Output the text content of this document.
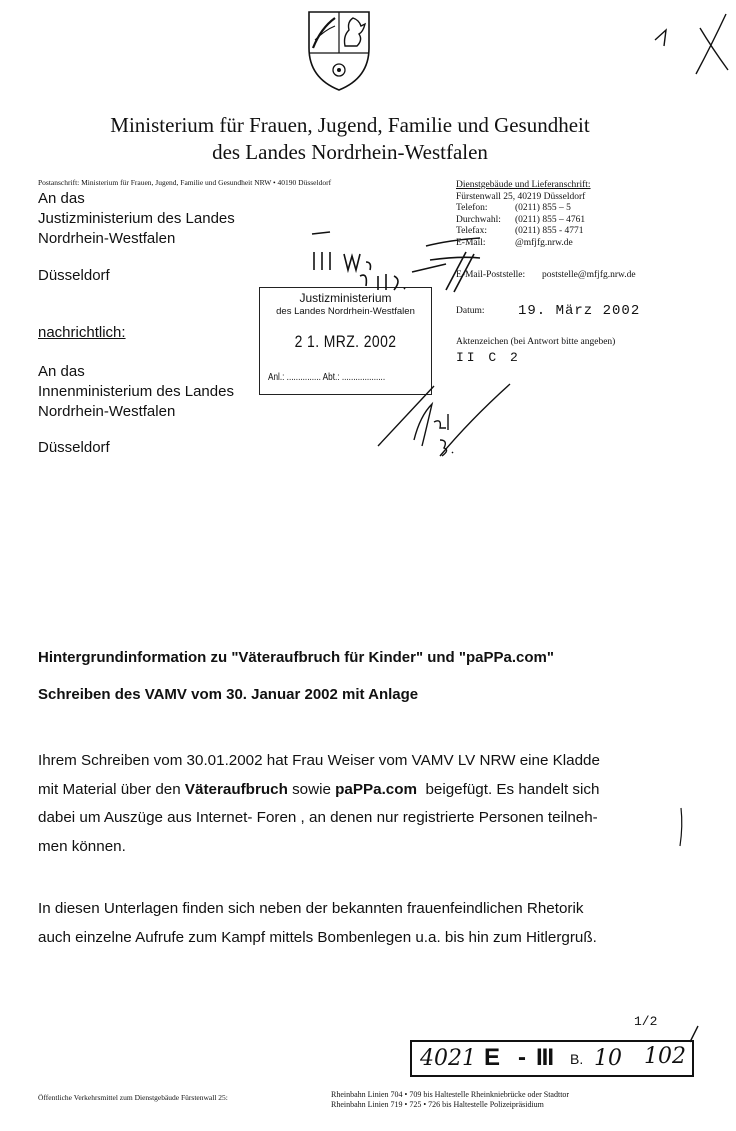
Ministerium für Frauen, Jugend, Familie und Gesundheit
des Landes Nordrhein-Westfalen
Postanschrift: Ministerium für Frauen, Jugend, Familie und Gesundheit NRW • 40190 Düsseldorf
An das
Justizministerium des Landes
Nordrhein-Westfalen
Düsseldorf
nachrichtlich:
An das
Innenministerium des Landes
Nordrhein-Westfalen
Düsseldorf
Dienstgebäude und Lieferanschrift:
Fürstenwall 25, 40219 Düsseldorf
Telefon:	(0211) 855 – 5
Durchwahl: (0211) 855 – 4761
Telefax:	(0211) 855 - 4771
E-Mail:	@mfjfg.nrw.de
E-Mail-Poststelle: poststelle@mfjfg.nrw.de
Datum: 19. März 2002
Aktenzeichen (bei Antwort bitte angeben)
II C 2
Justizministerium
des Landes Nordrhein-Westfalen
2 1. MRZ. 2002
Anl.: ............... Abt.: ...................
Hintergrundinformation zu "Väteraufbruch für Kinder" und "paPPa.com"
Schreiben des VAMV vom 30. Januar 2002 mit Anlage
Ihrem Schreiben vom 30.01.2002 hat Frau Weiser vom VAMV LV NRW eine Kladde
mit Material über den Väteraufbruch sowie paPPa.com  beigefügt. Es handelt sich
dabei um Auszüge aus Internet- Foren , an denen nur registrierte Personen teilneh-
men können.
In diesen Unterlagen finden sich neben der bekannten frauenfeindlichen Rhetorik
auch einzelne Aufrufe zum Kampf mittels Bombenlegen u.a. bis hin zum Hitlergruß.
1/2
4021 E - III B. 10 102
Öffentliche Verkehrsmittel zum Dienstgebäude Fürstenwall 25:	Rheinbahn Linien 704 • 709 bis Haltestelle Rheinkniebrücke oder Stadttor
Rheinbahn Linien 719 • 725 • 726 bis Haltestelle Polizeipräsidium
